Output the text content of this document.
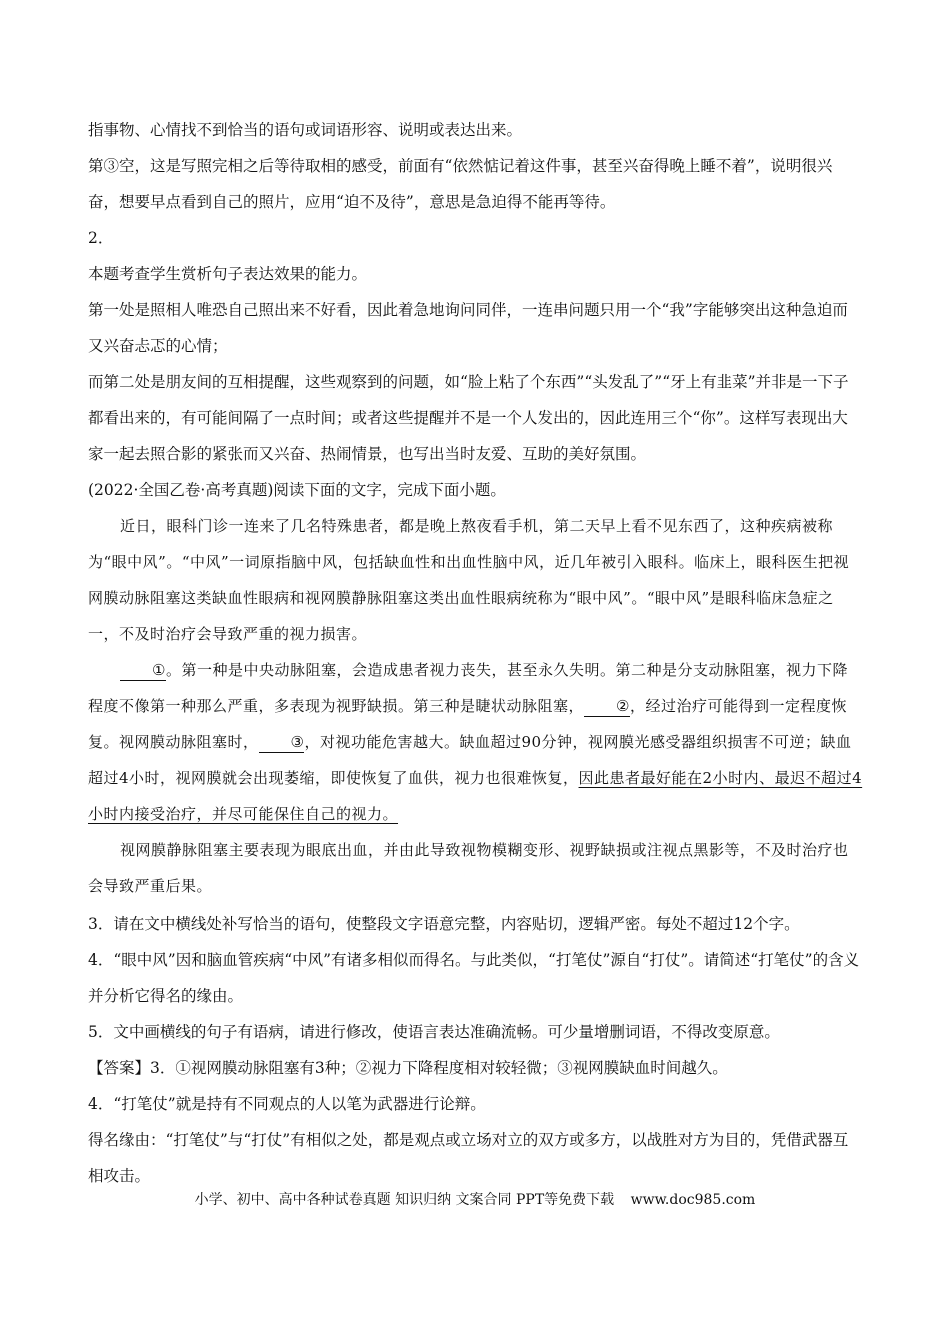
指事物、心情找不到恰当的语句或词语形容、说明或表达出来。

第③空，这是写照完相之后等待取相的感受，前面有“依然惦记着这件事，甚至兴奋得晚上睡不着”，说明很兴奋，想要早点看到自己的照片，应用“迫不及待”，意思是急迫得不能再等待。

2．

本题考查学生赏析句子表达效果的能力。

第一处是照相人唯恐自己照出来不好看，因此着急地询问同伴，一连串问题只用一个“我”字能够突出这种急迫而又兴奋忐忑的心情；

而第二处是朋友间的互相提醒，这些观察到的问题，如“脸上粘了个东西”“头发乱了”“牙上有韭菜”并非是一下子都看出来的，有可能间隔了一点时间；或者这些提醒并不是一个人发出的，因此连用三个“你”。这样写表现出大家一起去照合影的紧张而又兴奋、热闹情景，也写出当时友爱、互助的美好氛围。

(2022·全国乙卷·高考真题)阅读下面的文字，完成下面小题。

近日，眼科门诊一连来了几名特殊患者，都是晚上熬夜看手机，第二天早上看不见东西了，这种疾病被称为“眼中风”。“中风”一词原指脑中风，包括缺血性和出血性脑中风，近几年被引入眼科。临床上，眼科医生把视网膜动脉阻塞这类缺血性眼病和视网膜静脉阻塞这类出血性眼病统称为“眼中风”。“眼中风”是眼科临床急症之一，不及时治疗会导致严重的视力损害。

①。第一种是中央动脉阻塞，会造成患者视力丧失，甚至永久失明。第二种是分支动脉阻塞，视力下降程度不像第一种那么严重，多表现为视野缺损。第三种是睫状动脉阻塞， ②，经过治疗可能得到一定程度恢复。视网膜动脉阻塞时， ③，对视功能危害越大。缺血超过90分钟，视网膜光感受器组织损害不可逆；缺血超过4小时，视网膜就会出现萎缩，即使恢复了血供，视力也很难恢复，因此患者最好能在2小时内、最迟不超过4小时内接受治疗，并尽可能保住自己的视力。

视网膜静脉阻塞主要表现为眼底出血，并由此导致视物模糊变形、视野缺损或注视点黑影等，不及时治疗也会导致严重后果。

3．请在文中横线处补写恰当的语句，使整段文字语意完整，内容贴切，逻辑严密。每处不超过12个字。

4．“眼中风”因和脑血管疾病“中风”有诸多相似而得名。与此类似，“打笔仗”源自“打仗”。请简述“打笔仗”的含义并分析它得名的缘由。

5．文中画横线的句子有语病，请进行修改，使语言表达准确流畅。可少量增删词语，不得改变原意。

【答案】3．①视网膜动脉阻塞有3种；②视力下降程度相对较轻微；③视网膜缺血时间越久。

4．“打笔仗”就是持有不同观点的人以笔为武器进行论辩。

得名缘由：“打笔仗”与“打仗”有相似之处，都是观点或立场对立的双方或多方，以战胜对方为目的，凭借武器互相攻击。

小学、初中、高中各种试卷真题 知识归纳 文案合同 PPT等免费下载 www.doc985.com
